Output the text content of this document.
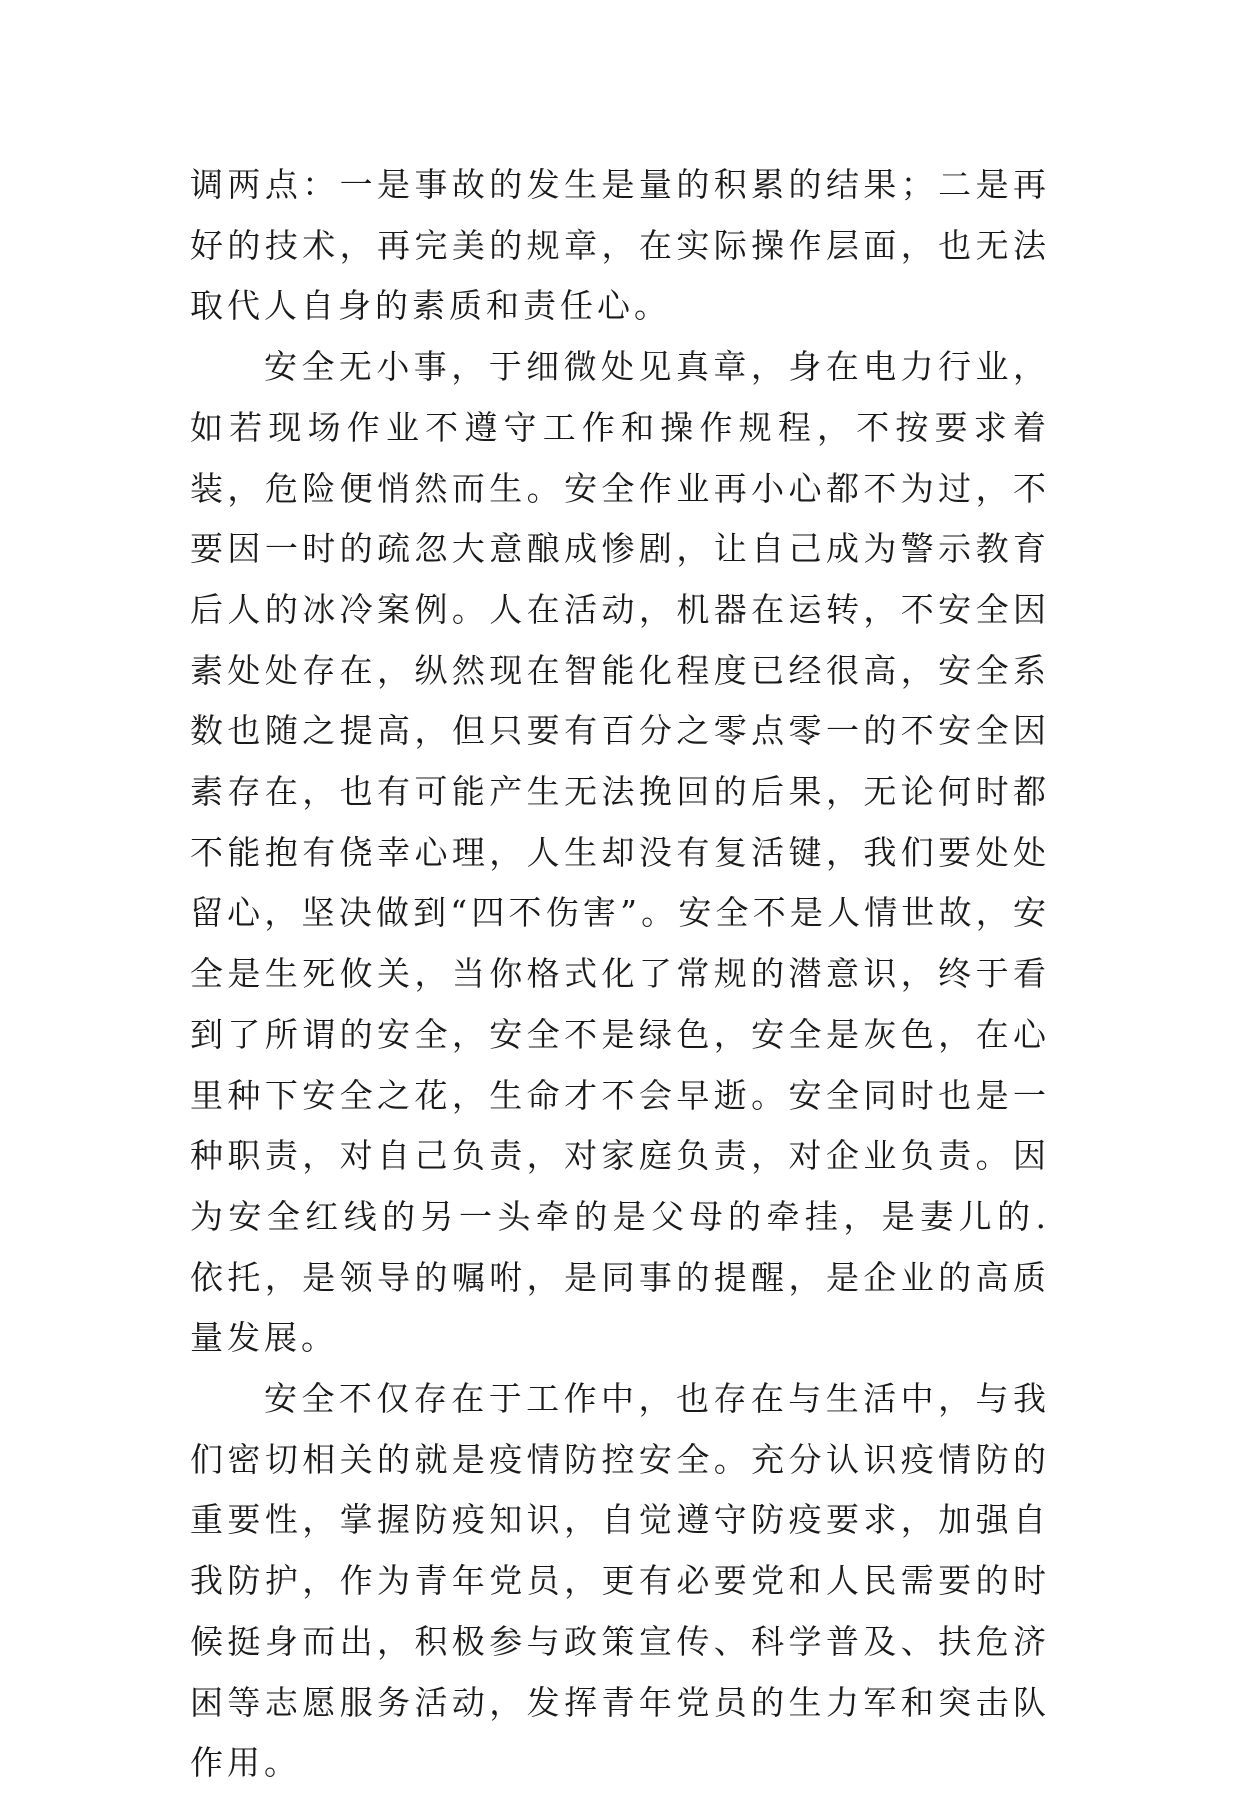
调两点：一是事故的发生是量的积累的结果；二是再好的技术，再完美的规章，在实际操作层面，也无法取代人自身的素质和责任心。

安全无小事，于细微处见真章，身在电力行业，如若现场作业不遵守工作和操作规程，不按要求着装，危险便悄然而生。安全作业再小心都不为过，不要因一时的疏忽大意酿成惨剧，让自己成为警示教育后人的冰冷案例。人在活动，机器在运转，不安全因素处处存在，纵然现在智能化程度已经很高，安全系数也随之提高，但只要有百分之零点零一的不安全因素存在，也有可能产生无法挽回的后果，无论何时都不能抱有侥幸心理，人生却没有复活键，我们要处处留心，坚决做到“四不伤害”。安全不是人情世故，安全是生死攸关，当你格式化了常规的潜意识，终于看到了所谓的安全，安全不是绿色，安全是灰色，在心里种下安全之花，生命才不会早逝。安全同时也是一种职责，对自己负责，对家庭负责，对企业负责。因为安全红线的另一头牵的是父母的牵挂，是妻儿的.依托，是领导的嘱咐，是同事的提醒，是企业的高质量发展。

安全不仅存在于工作中，也存在与生活中，与我们密切相关的就是疫情防控安全。充分认识疫情防的重要性，掌握防疫知识，自觉遵守防疫要求，加强自我防护，作为青年党员，更有必要党和人民需要的时候挺身而出，积极参与政策宣传、科学普及、扶危济困等志愿服务活动，发挥青年党员的生力军和突击队作用。
